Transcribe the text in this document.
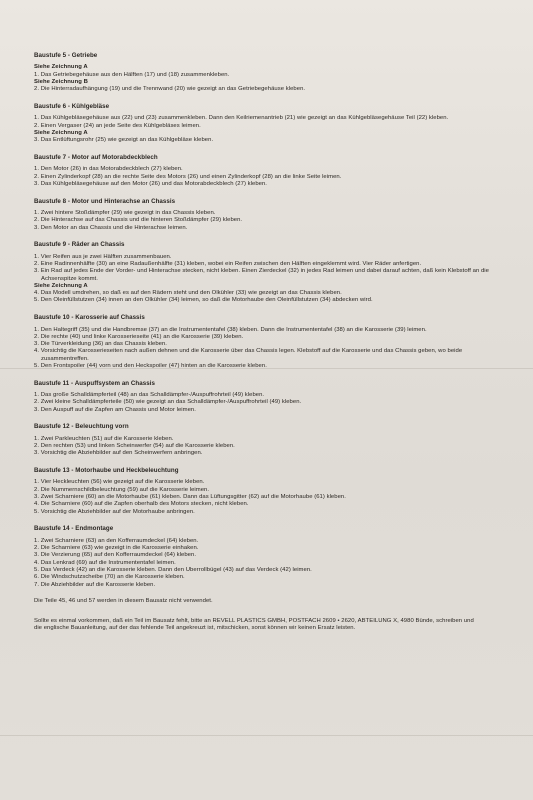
Baustufe 5 - Getriebe
Siehe Zeichnung A
1. Das Getriebegehäuse aus den Hälften (17) und (18) zusammenkleben.
Siehe Zeichnung B
2. Die Hinterradaufhängung (19) und die Trennwand (20) wie gezeigt an das Getriebegehäuse kleben.
Baustufe 6 - Kühlgebläse
1. Das Kühlgebläsegehäuse aus (22) und (23) zusammenkleben. Dann den Keilriemenantrieb (21) wie gezeigt an das Kühlgebläsegehäuse Teil (22) kleben.
2. Einen Vergaser (24) an jede Seite des Kühlgebläses leimen.
Siehe Zeichnung A
3. Das Entlüftungsrohr (25) wie gezeigt an das Kühlgebläse kleben.
Baustufe 7 - Motor auf Motorabdeckblech
1. Den Motor (26) in das Motorabdeckblech (27) kleben.
2. Einen Zylinderkopf (28) an die rechte Seite des Motors (26) und einen Zylinderkopf (28) an die linke Seite leimen.
3. Das Kühlgebläsegehäuse auf den Motor (26) und das Motorabdeckblech (27) kleben.
Baustufe 8 - Motor und Hinterachse an Chassis
1. Zwei hintere Stoßdämpfer (29) wie gezeigt in das Chassis kleben.
2. Die Hinterachse auf das Chassis und die hinteren Stoßdämpfer (29) kleben.
3. Den Motor an das Chassis und die Hinterachse leimen.
Baustufe 9 - Räder an Chassis
1. Vier Reifen aus je zwei Hälften zusammenbauen.
2. Eine Radinnenhälfte (30) an eine Radaußenhälfte (31) kleben, wobei ein Reifen zwischen den Hälften eingeklemmt wird. Vier Räder anfertigen.
3. Ein Rad auf jedes Ende der Vorder- und Hinterachse stecken, nicht kleben. Einen Zierdeckel (32) in jedes Rad leimen und dabei darauf achten, daß kein Klebstoff an die Achsenspitze kommt.
Siehe Zeichnung A
4. Das Modell umdrehen, so daß es auf den Rädern steht und den Ölkühler (33) wie gezeigt an das Chassis kleben.
5. Den Öleinfüllstutzen (34) innen an den Ölkühler (34) leimen, so daß die Motorhaube den Öleinfüllstutzen (34) abdecken wird.
Baustufe 10 - Karosserie auf Chassis
1. Den Haltegriff (35) und die Handbremse (37) an die Instrumententafel (38) kleben. Dann die Instrumententafel (38) an die Karosserie (39) leimen.
2. Die rechte (40) und linke Karosserieseite (41) an die Karosserie (39) kleben.
3. Die Türverkleidung (36) an das Chassis kleben.
4. Vorsichtig die Karosserieseiten nach außen dehnen und die Karosserie über das Chassis legen. Klebstoff auf die Karosserie und das Chassis geben, wo beide zusammentreffen.
5. Den Frontspoiler (44) vorn und den Heckspoiler (47) hinten an die Karosserie kleben.
Baustufe 11 - Auspuffsystem an Chassis
1. Das große Schalldämpferteil (48) an das Schalldämpfer-/Auspuffrohrteil (49) kleben.
2. Zwei kleine Schalldämpferteile (50) wie gezeigt an das Schalldämpfer-/Auspuffrohrteil (49) kleben.
3. Den Auspuff auf die Zapfen am Chassis und Motor leimen.
Baustufe 12 - Beleuchtung vorn
1. Zwei Parkleuchten (51) auf die Karosserie kleben.
2. Den rechten (53) und linken Scheinwerfer (54) auf die Karosserie kleben.
3. Vorsichtig die Abziehbilder auf den Scheinwerfern anbringen.
Baustufe 13 - Motorhaube und Heckbeleuchtung
1. Vier Heckleuchten (56) wie gezeigt auf die Karosserie kleben.
2. Die Nummernschildbeleuchtung (59) auf die Karosserie leimen.
3. Zwei Scharniere (60) an die Motorhaube (61) kleben. Dann das Lüftungsgitter (62) auf die Motorhaube (61) kleben.
4. Die Scharniere (60) auf die Zapfen oberhalb des Motors stecken, nicht kleben.
5. Vorsichtig die Abziehbilder auf der Motorhaube anbringen.
Baustufe 14 - Endmontage
1. Zwei Scharniere (63) an den Kofferraumdeckel (64) kleben.
2. Die Scharniere (63) wie gezeigt in die Karosserie einhaken.
3. Die Verzierung (65) auf den Kofferraumdeckel (64) kleben.
4. Das Lenkrad (69) auf die Instrumententafel leimen.
5. Das Verdeck (42) an die Karosserie kleben. Dann den Überrollbügel (43) auf das Verdeck (42) leimen.
6. Die Windschutzscheibe (70) an die Karosserie kleben.
7. Die Abziehbilder auf die Karosserie kleben.
Die Teile 45, 46 und 57 werden in diesem Bausatz nicht verwendet.
Sollte es einmal vorkommen, daß ein Teil im Bausatz fehlt, bitte an REVELL PLASTICS GMBH, POSTFACH 2609 • 2620, ABTEILUNG X, 4980 Bünde, schreiben und die englische Bauanleitung, auf der das fehlende Teil angekreuzt ist, mitschicken, sonst können wir keinen Ersatz leisten.
